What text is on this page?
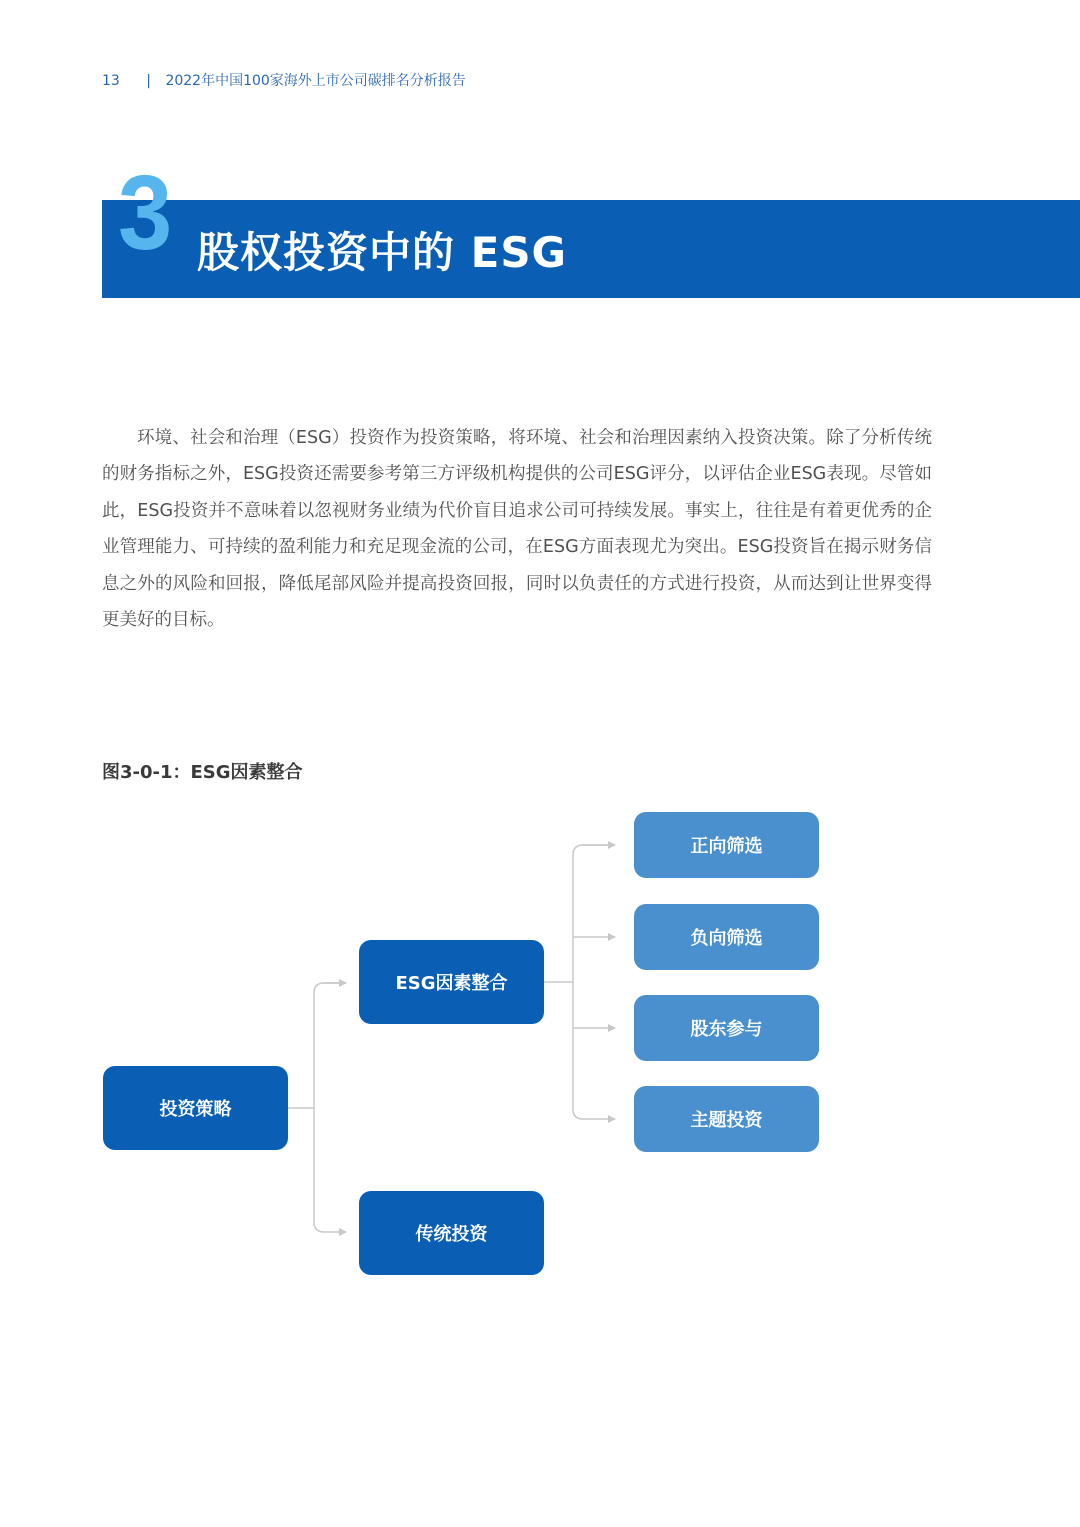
13 | 2022年中国100家海外上市公司碳排名分析报告
3 股权投资中的 ESG

环境、社会和治理（ESG）投资作为投资策略，将环境、社会和治理因素纳入投资决策。除了分析传统的财务指标之外，ESG投资还需要参考第三方评级机构提供的公司ESG评分，以评估企业ESG表现。尽管如此，ESG投资并不意味着以忽视财务业绩为代价盲目追求公司可持续发展。事实上，往往是有着更优秀的企业管理能力、可持续的盈利能力和充足现金流的公司，在ESG方面表现尤为突出。ESG投资旨在揭示财务信息之外的风险和回报，降低尾部风险并提高投资回报，同时以负责任的方式进行投资，从而达到让世界变得更美好的目标。

图3-0-1：ESG因素整合
投资策略
ESG因素整合
传统投资
正向筛选
负向筛选
股东参与
主题投资
